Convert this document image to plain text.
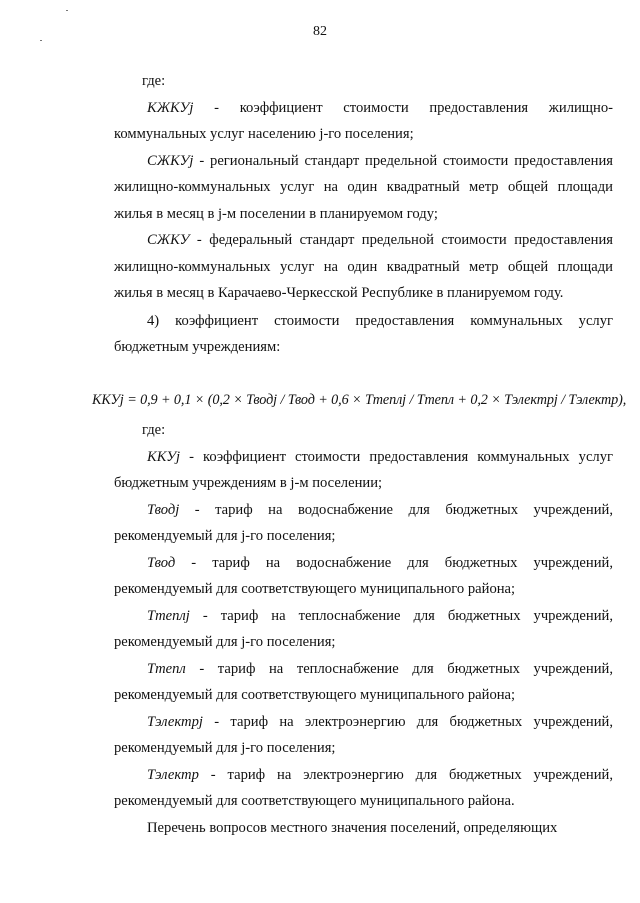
82

где:

КЖКУj - коэффициент стоимости предоставления жилищно-коммунальных услуг населению j-го поселения;

СЖКУj - региональный стандарт предельной стоимости предоставления жилищно-коммунальных услуг на один квадратный метр общей площади жилья в месяц в j-м поселении в планируемом году;

СЖКУ - федеральный стандарт предельной стоимости предоставления жилищно-коммунальных услуг на один квадратный метр общей площади жилья в месяц в Карачаево-Черкесской Республике в планируемом году.

4) коэффициент стоимости предоставления коммунальных услуг бюджетным учреждениям:

ККУj = 0,9 + 0,1 × (0,2 × Тводj / Твод + 0,6 × Ттеплj / Ттепл + 0,2 × Тэлектрj / Тэлектр),

где:

ККУj - коэффициент стоимости предоставления коммунальных услуг бюджетным учреждениям в j-м поселении;

Тводj - тариф на водоснабжение для бюджетных учреждений, рекомендуемый для j-го поселения;

Твод - тариф на водоснабжение для бюджетных учреждений, рекомендуемый для соответствующего муниципального района;

Ттеплj - тариф на теплоснабжение для бюджетных учреждений, рекомендуемый для j-го поселения;

Ттепл - тариф на теплоснабжение для бюджетных учреждений, рекомендуемый для соответствующего муниципального района;

Тэлектрj - тариф на электроэнергию для бюджетных учреждений, рекомендуемый для j-го поселения;

Тэлектр - тариф на электроэнергию для бюджетных учреждений, рекомендуемый для соответствующего муниципального района.

Перечень вопросов местного значения поселений, определяющих
